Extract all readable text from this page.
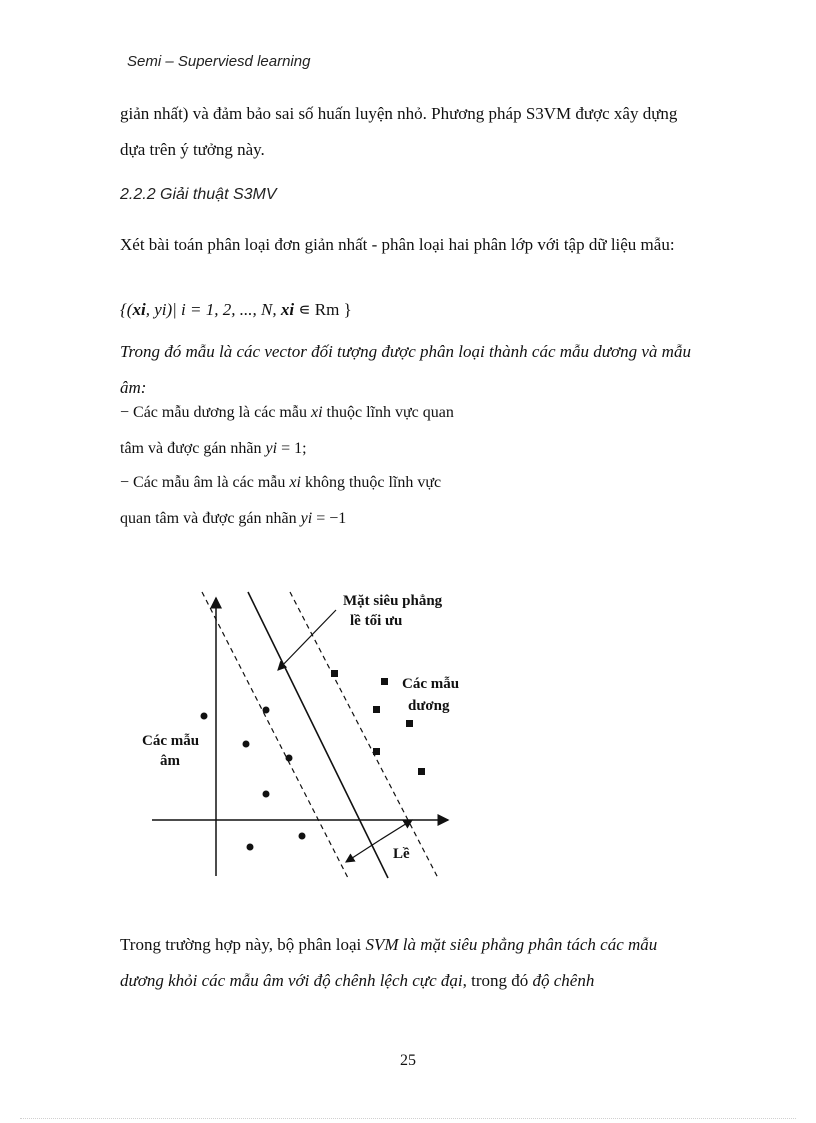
Semi – Superviesd learning
giản nhất) và đảm bảo sai số huấn luyện nhỏ. Phương pháp S3VM được xây dựng dựa trên ý tưởng này.
2.2.2 Giải thuật S3MV
Xét bài toán phân loại đơn giản nhất - phân loại hai phân lớp với tập dữ liệu mẫu:
{(xi, yi)| i = 1, 2, ..., N, xi ∊ Rm }
Trong đó mẫu là các vector đối tượng được phân loại thành các mẫu dương và mẫu âm:
− Các mẫu dương là các mẫu xi thuộc lĩnh vực quan
tâm và được gán nhãn yi = 1;
− Các mẫu âm là các mẫu xi không thuộc lĩnh vực
quan tâm và được gán nhãn yi = −1
Mặt siêu phẳng
lề tối ưu
Các mẫu
dương
Các mẫu
âm
Lề
Trong trường hợp này, bộ phân loại SVM là mặt siêu phẳng phân tách các mẫu dương khỏi các mẫu âm với độ chênh lệch cực đại, trong đó độ chênh
25
